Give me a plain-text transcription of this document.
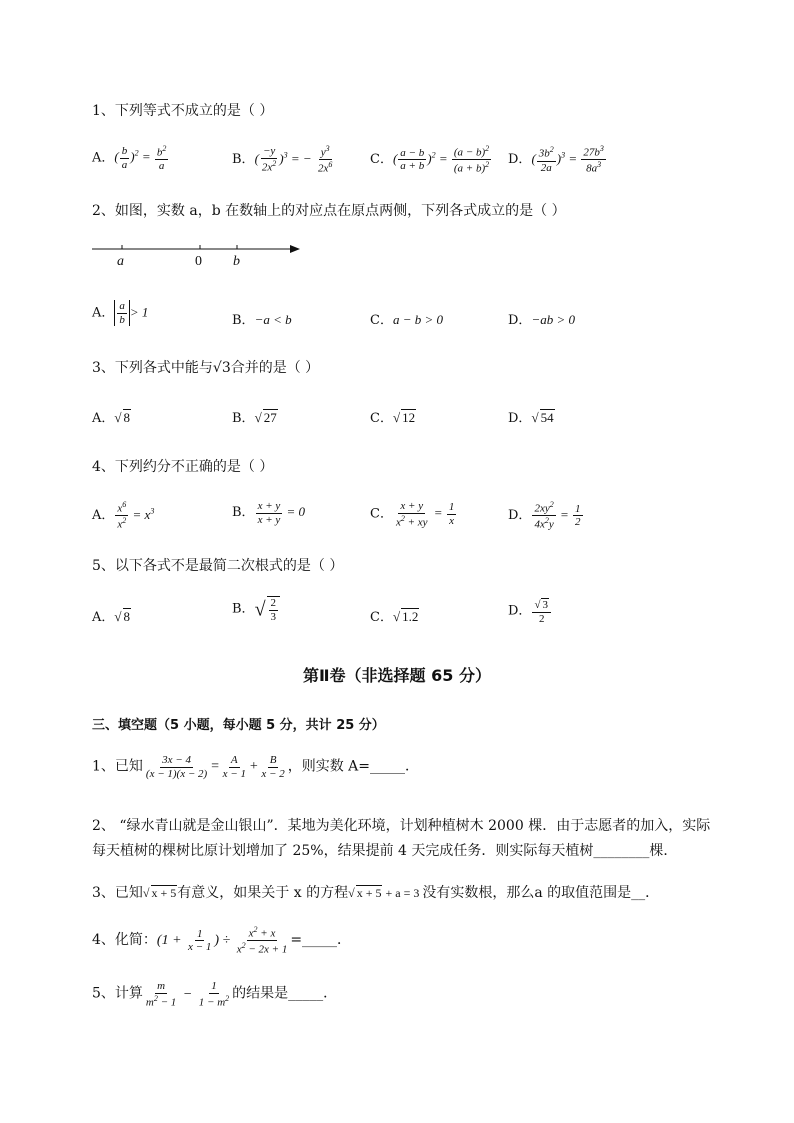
1、下列等式不成立的是（ ）
A．( $\frac{b}{a} )^2 = \frac{b^2}{a}$	B．( $\frac{-y}{2x^2} )^3$ = − $\frac{y^3}{2x^6}$	C．( $\frac{a - b}{a + b} )^2 = \frac{(a - b)^2}{(a + b)^2}$ D．( $\frac{3b^2}{2a} )^3 = \frac{27b^3}{8a^3}$
2、如图，实数 a，b 在数轴上的对应点在原点两侧，下列各式成立的是（ ）
a	0 b
A． $\frac{a}{b} > 1$
B．−a < b	C．a − b > 0	D．−ab > 0
3、下列各式中能与√3合并的是（ ）
A．√ 8	B．√ 27	C．√ 12	D．√ 54
4、下列约分不正确的是（ ）
A． $\frac{x^6}{x^2} = x^3$	B． $\frac{x + y}{x + y} = 0$	C． $\frac{x + y}{x^2 + xy} = \frac{1}{x}$	D． $\frac{2xy^2}{4x^2y} = \frac{1}{2}$
5、以下各式不是最简二次根式的是（ ）
A．√ 8	B．√ $\frac{2}{3}$	C．√ 1.2	D． $\frac{√ 3}{2}$
第Ⅱ卷（非选择题 65 分）
三、填空题（5 小题，每小题 5 分，共计 25 分）
1、已知 $\frac{3x - 4}{(x - 1)(x - 2)} = \frac{A}{x - 1} + \frac{B}{x - 2}$ ，则实数 A=_____．
2、 “绿水青山就是金山银山”．某地为美化环境，计划种植树木 2000 棵．由于志愿者的加入，实际
每天植树的棵树比原计划增加了 25%，结果提前 4 天完成任务．则实际每天植树________棵．
3、已知√ x + 5有意义，如果关于 x 的方程√ x + 5 + a = 3 没有实数根，那么a 的取值范围是__．
4、化简：($1 + \frac{1}{x - 1}$ ) ÷ $\frac{x^2 + x}{x^2 - 2x + 1}$ =_____．
5、计算 $\frac{m}{m^2 - 1} - \frac{1}{1 - m^2}$ 的结果是_____．
